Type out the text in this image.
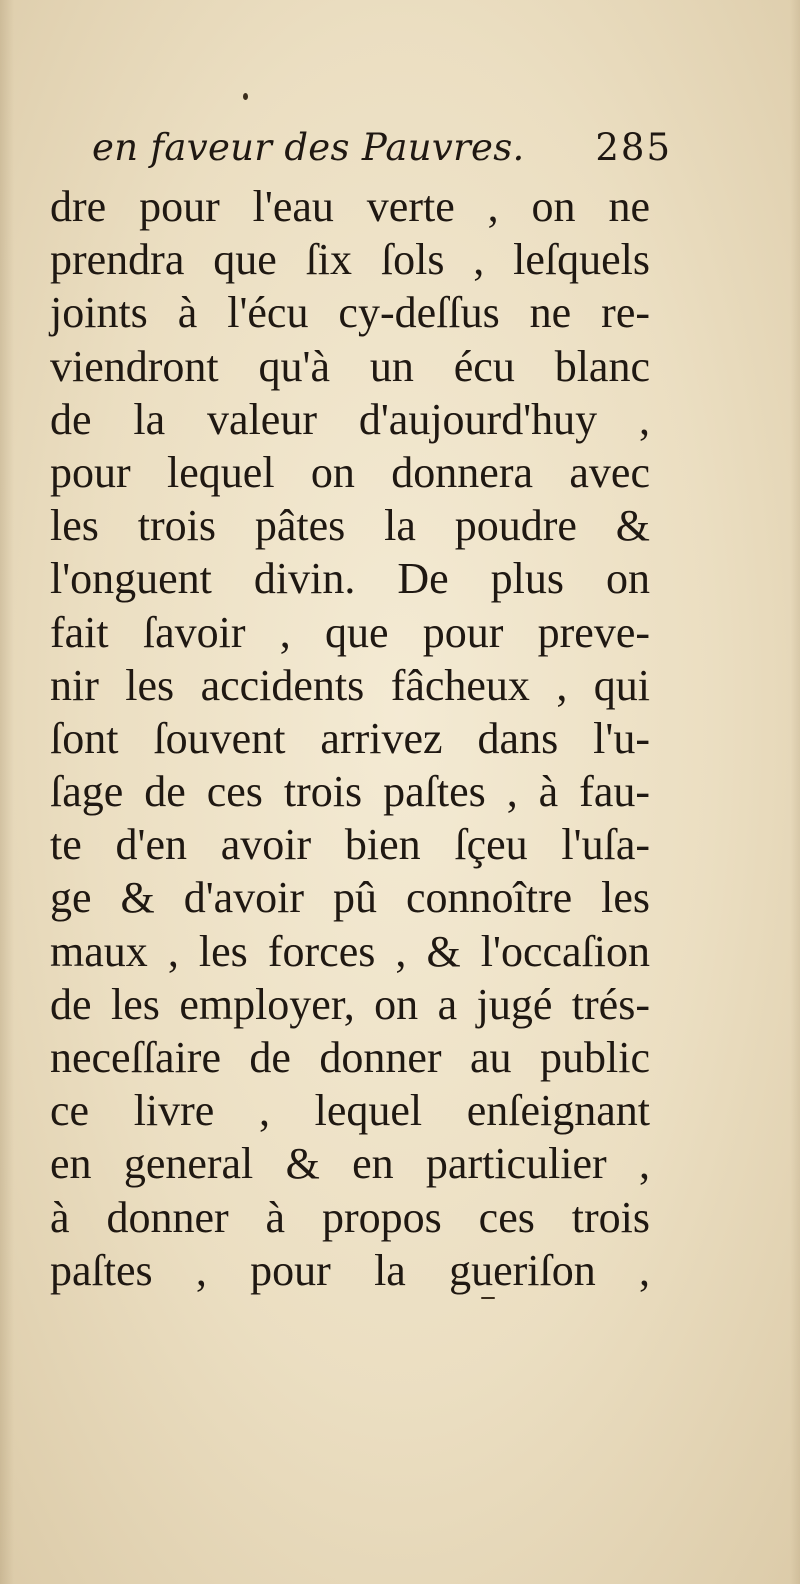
en faveur des Pauvres. 285
dre pour l'eau verte , on ne
prendra que ſix ſols , leſquels
joints à l'écu cy-deſſus ne re-
viendront qu'à un écu blanc
de la valeur d'aujourd'huy ,
pour lequel on donnera avec
les trois pâtes la poudre &
l'onguent divin. De plus on
fait ſavoir , que pour preve-
nir les accidents fâcheux , qui
ſont ſouvent arrivez dans l'u-
ſage de ces trois paſtes , à fau-
te d'en avoir bien ſçeu l'uſa-
ge & d'avoir pû connoître les
maux , les forces , & l'occaſion
de les employer, on a jugé trés-
neceſſaire de donner au public
ce livre , lequel enſeignant
en general & en particulier ,
à donner à propos ces trois
paſtes , pour la gueriſon ,
